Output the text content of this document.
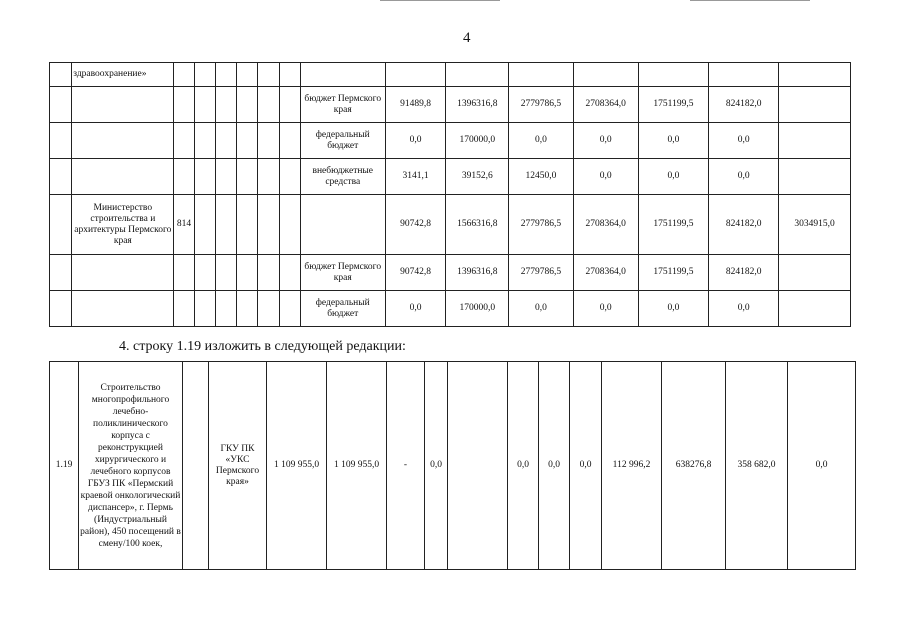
4
	здравоохранение»														
								бюджет Пермского края	91489,8	1396316,8	2779786,5	2708364,0	1751199,5	824182,0	
								федеральный бюджет	0,0	170000,0	0,0	0,0	0,0	0,0	
								внебюджетные средства	3141,1	39152,6	12450,0	0,0	0,0	0,0	
	Министерство строительства и архитектуры Пермского края	814							90742,8	1566316,8	2779786,5	2708364,0	1751199,5	824182,0	3034915,0
								бюджет Пермского края	90742,8	1396316,8	2779786,5	2708364,0	1751199,5	824182,0	
								федеральный бюджет	0,0	170000,0	0,0	0,0	0,0	0,0	
4. строку 1.19 изложить в следующей редакции:
1.19	Строительство многопрофильного лечебно-поликлинического корпуса с реконструкцией хирургического и лечебного корпусов ГБУЗ ПК «Пермский краевой онкологический диспансер», г. Пермь (Индустриальный район), 450 посещений в смену/100 коек,		ГКУ ПК «УКС Пермского края»	1 109 955,0	1 109 955,0	-	0,0		0,0	0,0	0,0	112 996,2	638276,8	358 682,0	0,0
